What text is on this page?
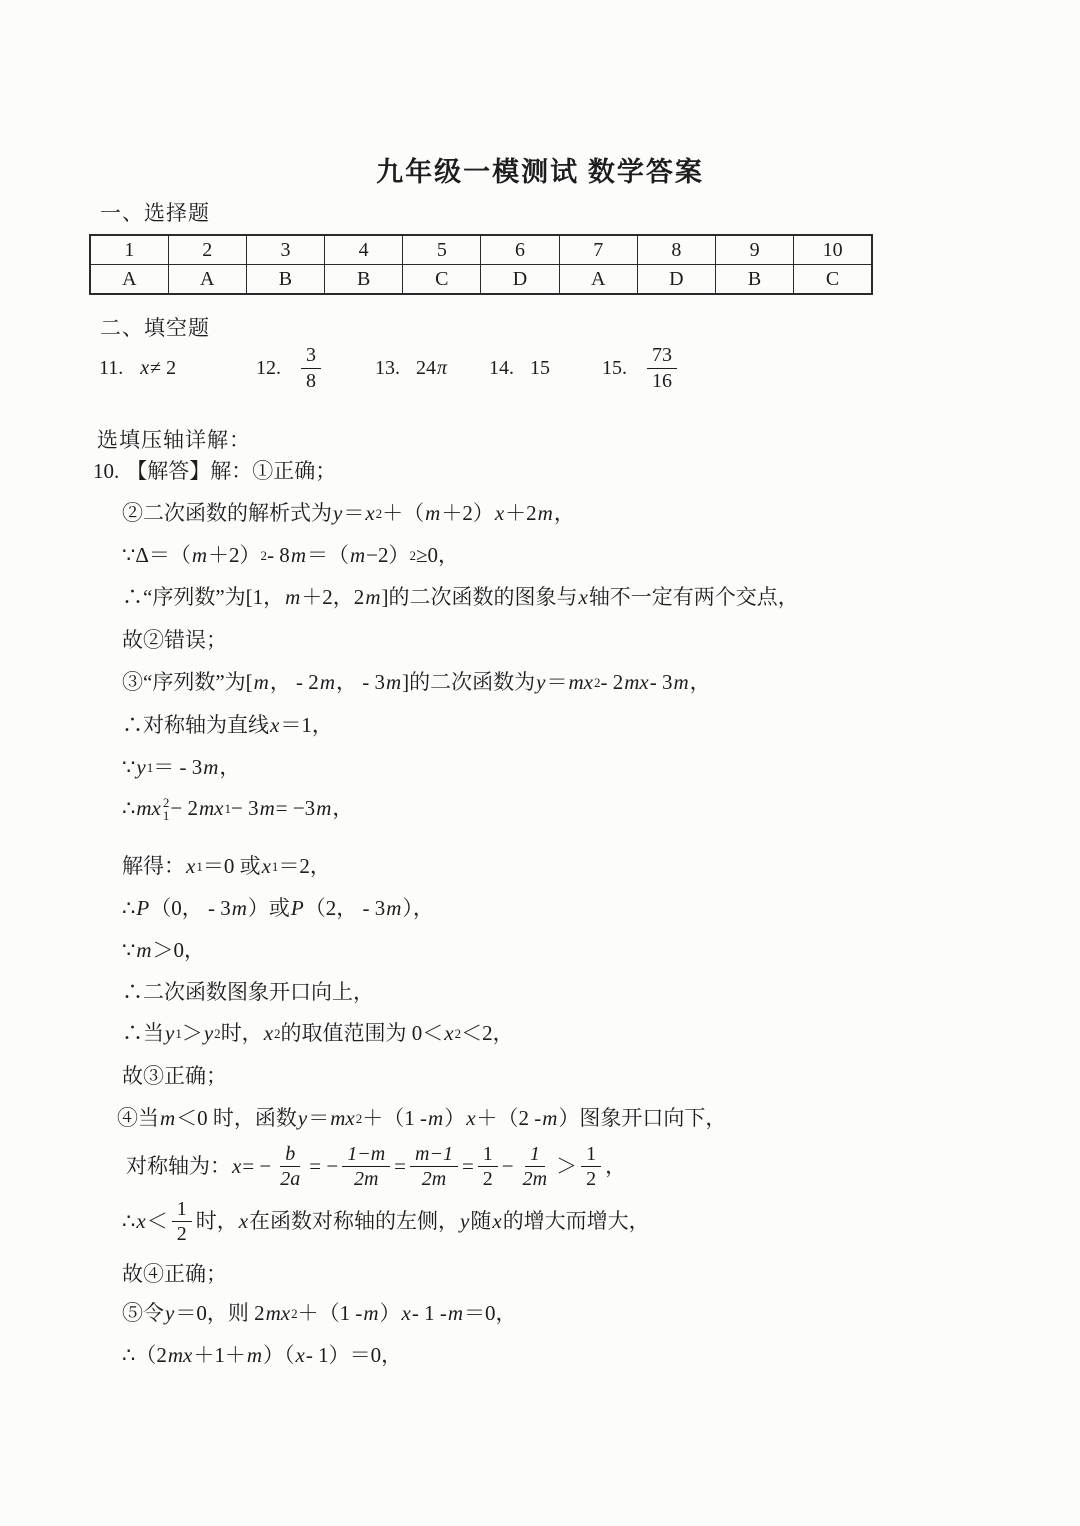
九年级一模测试 数学答案
一、选择题
1	2	3	4	5	6	7	8	9	10
A	A	B	B	C	D	A	D	B	C
二、填空题
11. x ≠ 2	12. $\frac{3}{8}$	13. 24 π 14. 15	15. $\frac{73}{16}$
选填压轴详解：
10. 【解答】解：①正确；
②二次函数的解析式为 y ＝ x 2 ＋（ m ＋2） x ＋2 m ，
∵Δ＝（ m ＋2） 2 - 8 m ＝（ m −2） 2 ≥0，
∴“序列数”为[1， m ＋2，2 m ]的二次函数的图象与 x 轴不一定有两个交点，
故②错误；
③“序列数”为[ m ， - 2 m ， - 3 m ]的二次函数为 y ＝ mx 2 - 2 mx - 3 m ，
∴对称轴为直线 x ＝1，
∵ y 1 ＝ - 3 m ，
∴ mx 2
1 − 2 mx 1 − 3 m = −3 m ，
解得： x 1 ＝0 或 x 1 ＝2，
∴ P （0， - 3 m ）或 P （2， - 3 m ），
∵ m ＞0，
∴二次函数图象开口向上，
∴当 y 1 ＞ y 2 时， x 2 的取值范围为 0＜ x 2 ＜2，
故③正确；
④当 m ＜0 时，函数 y ＝ mx 2 ＋（1 - m ） x ＋（2 - m ）图象开口向下，
对称轴为： x = − $\frac{b}{2a}$ = − $\frac{1-m}{2m} = \frac{m-1}{2m} = \frac{1}{2} - \frac{1}{2m} > \frac{1}{2}$ ，
∴ $x < \frac{1}{2}$ 时， x 在函数对称轴的左侧， y 随 x 的增大而增大，
故④正确；
⑤令 y ＝0，则 2 mx 2 ＋（1 - m ） x - 1 - m ＝0，
∴（2 mx ＋1＋ m ）（ x - 1）＝0，
